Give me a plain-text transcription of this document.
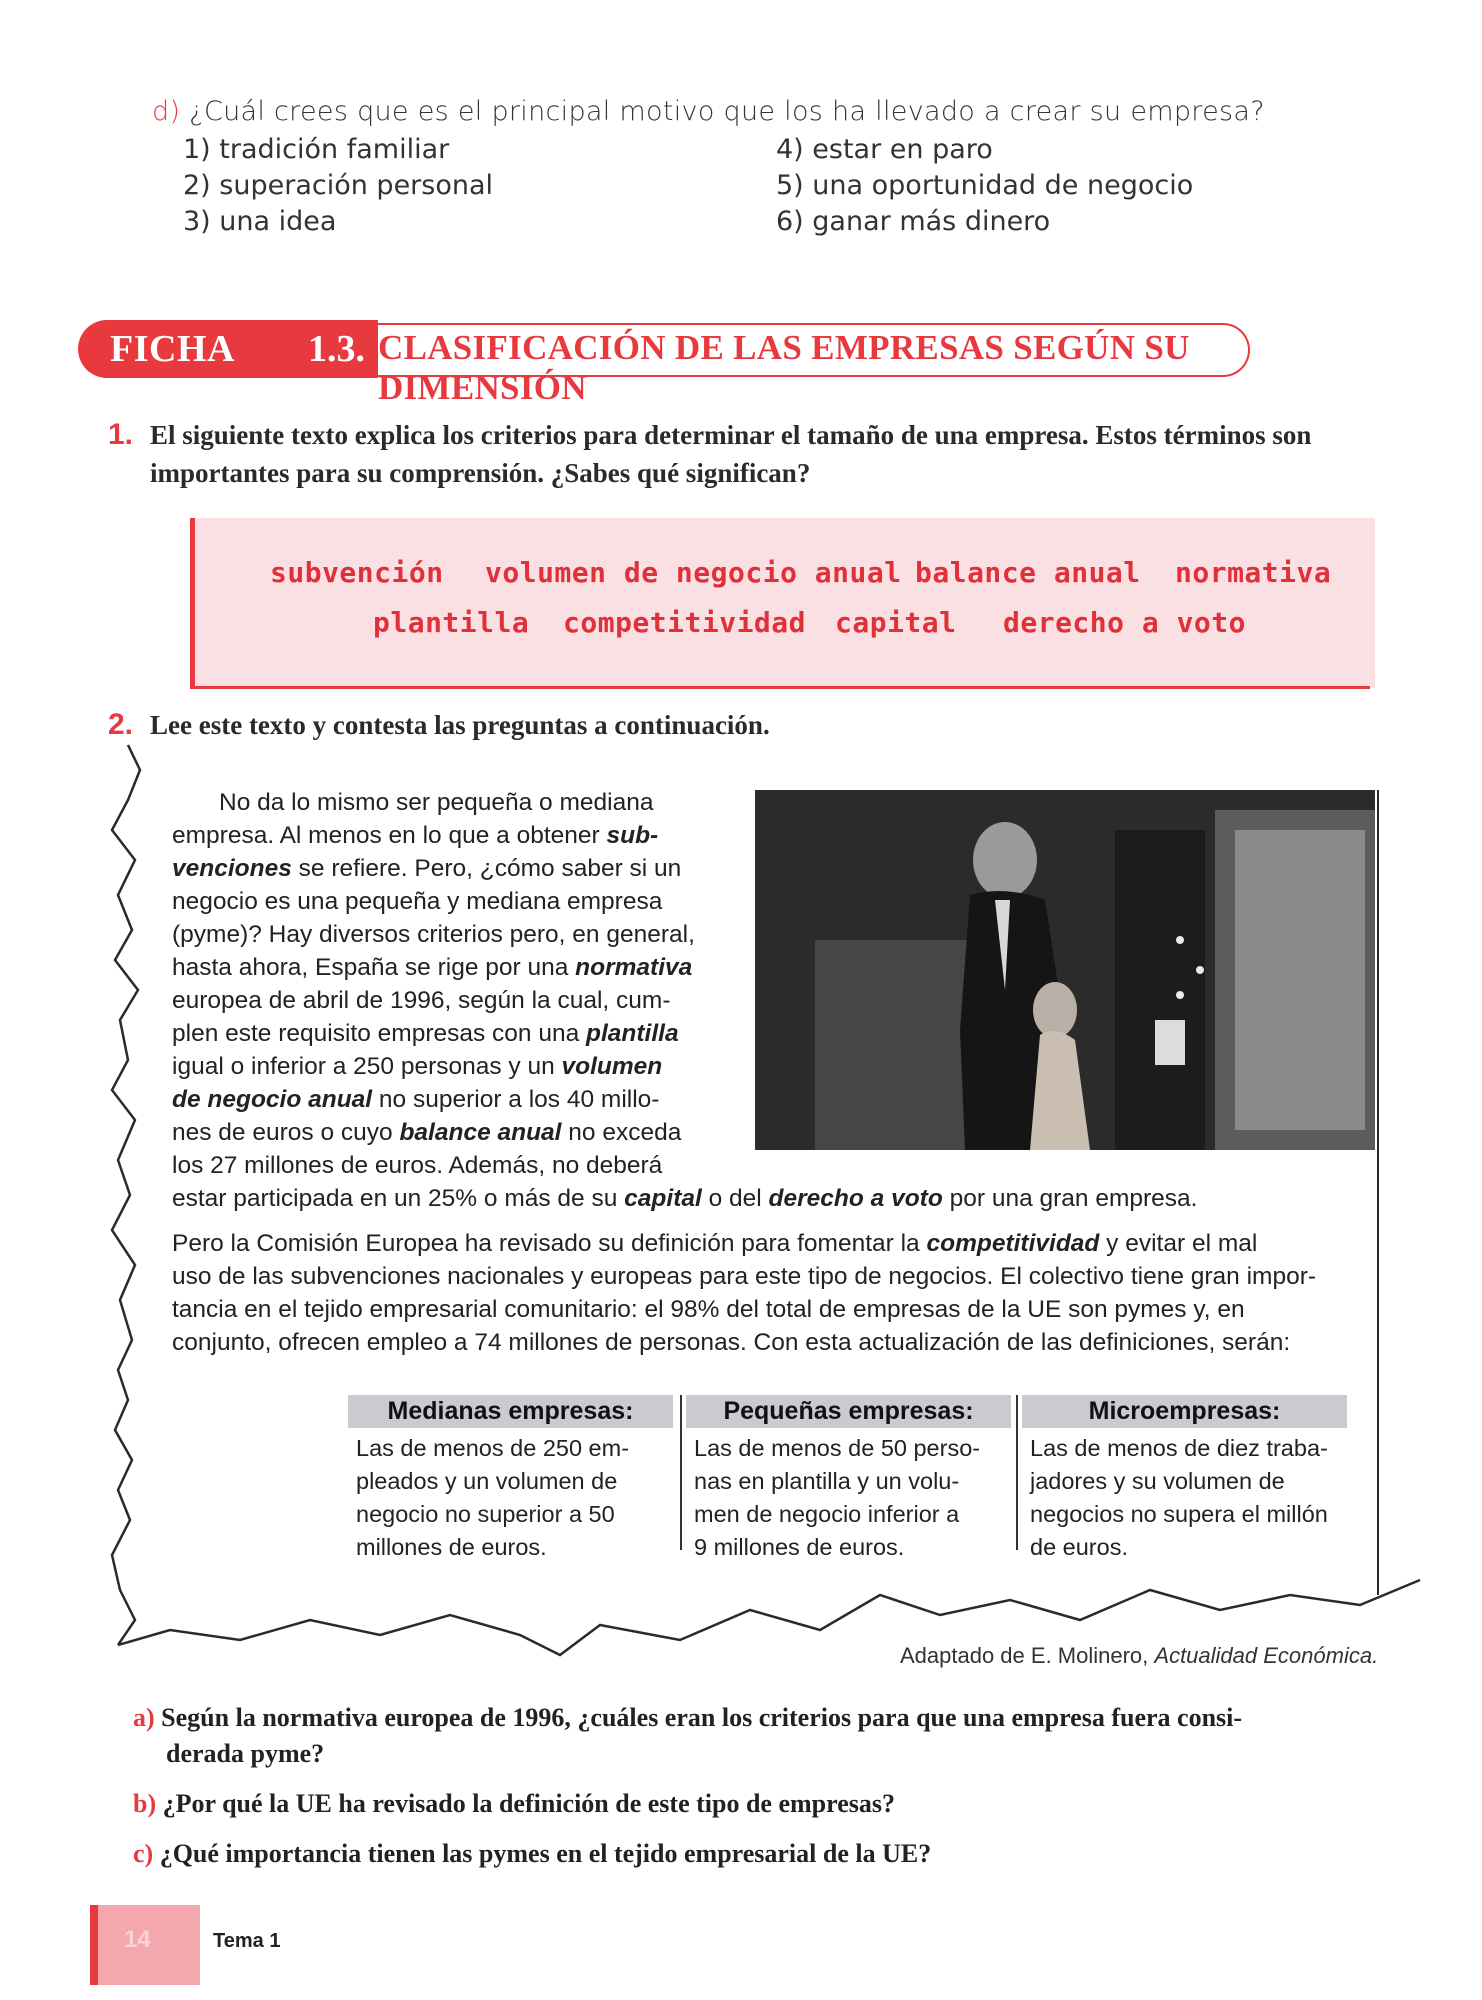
d) ¿Cuál crees que es el principal motivo que los ha llevado a crear su empresa?
1) tradición familiar
2) superación personal
3) una idea
4) estar en paro
5) una oportunidad de negocio
6) ganar más dinero
FICHA 1.3. CLASIFICACIÓN DE LAS EMPRESAS SEGÚN SU DIMENSIÓN
1. El siguiente texto explica los criterios para determinar el tamaño de una empresa. Estos términos son
importantes para su comprensión. ¿Sabes qué significan?
subvención volumen de negocio anual balance anual normativa
plantilla competitividad capital derecho a voto
2. Lee este texto y contesta las preguntas a continuación.
No da lo mismo ser pequeña o mediana
empresa. Al menos en lo que a obtener sub-
venciones se refiere. Pero, ¿cómo saber si un
negocio es una pequeña y mediana empresa
(pyme)? Hay diversos criterios pero, en general,
hasta ahora, España se rige por una normativa
europea de abril de 1996, según la cual, cum-
plen este requisito empresas con una plantilla
igual o inferior a 250 personas y un volumen
de negocio anual no superior a los 40 millo-
nes de euros o cuyo balance anual no exceda
los 27 millones de euros. Además, no deberá
estar participada en un 25% o más de su capital o del derecho a voto por una gran empresa.
Pero la Comisión Europea ha revisado su definición para fomentar la competitividad y evitar el mal
uso de las subvenciones nacionales y europeas para este tipo de negocios. El colectivo tiene gran impor-
tancia en el tejido empresarial comunitario: el 98% del total de empresas de la UE son pymes y, en
conjunto, ofrecen empleo a 74 millones de personas. Con esta actualización de las definiciones, serán:
Medianas empresas:
Las de menos de 250 em-
pleados y un volumen de
negocio no superior a 50
millones de euros.
Pequeñas empresas:
Las de menos de 50 perso-
nas en plantilla y un volu-
men de negocio inferior a
9 millones de euros.
Microempresas:
Las de menos de diez traba-
jadores y su volumen de
negocios no supera el millón
de euros.
Adaptado de E. Molinero, Actualidad Económica.
a) Según la normativa europea de 1996, ¿cuáles eran los criterios para que una empresa fuera consi-
derada pyme?
b) ¿Por qué la UE ha revisado la definición de este tipo de empresas?
c) ¿Qué importancia tienen las pymes en el tejido empresarial de la UE?
14	Tema 1
